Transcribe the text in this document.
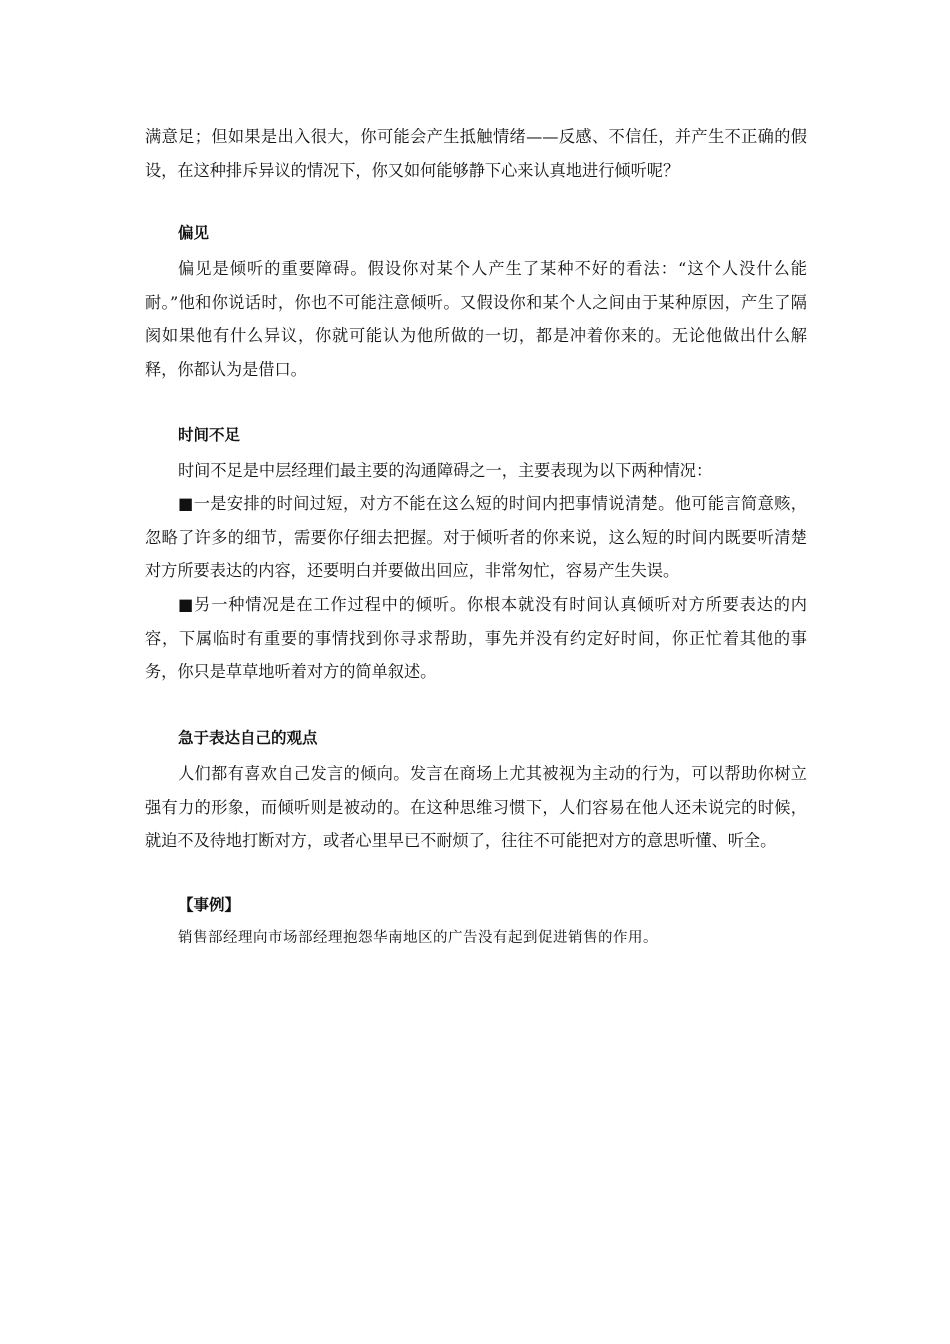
满意足；但如果是出入很大，你可能会产生抵触情绪——反感、不信任，并产生不正确的假设，在这种排斥异议的情况下，你又如何能够静下心来认真地进行倾听呢？

偏见

偏见是倾听的重要障碍。假设你对某个人产生了某种不好的看法：“这个人没什么能耐。”他和你说话时，你也不可能注意倾听。又假设你和某个人之间由于某种原因，产生了隔阂如果他有什么异议，你就可能认为他所做的一切，都是冲着你来的。无论他做出什么解释，你都认为是借口。

时间不足

时间不足是中层经理们最主要的沟通障碍之一，主要表现为以下两种情况：

■一是安排的时间过短，对方不能在这么短的时间内把事情说清楚。他可能言简意赅，忽略了许多的细节，需要你仔细去把握。对于倾听者的你来说，这么短的时间内既要听清楚对方所要表达的内容，还要明白并要做出回应，非常匆忙，容易产生失误。

■另一种情况是在工作过程中的倾听。你根本就没有时间认真倾听对方所要表达的内容，下属临时有重要的事情找到你寻求帮助，事先并没有约定好时间，你正忙着其他的事务，你只是草草地听着对方的简单叙述。

急于表达自己的观点

人们都有喜欢自己发言的倾向。发言在商场上尤其被视为主动的行为，可以帮助你树立强有力的形象，而倾听则是被动的。在这种思维习惯下，人们容易在他人还未说完的时候，就迫不及待地打断对方，或者心里早已不耐烦了，往往不可能把对方的意思听懂、听全。

【事例】

销售部经理向市场部经理抱怨华南地区的广告没有起到促进销售的作用。
